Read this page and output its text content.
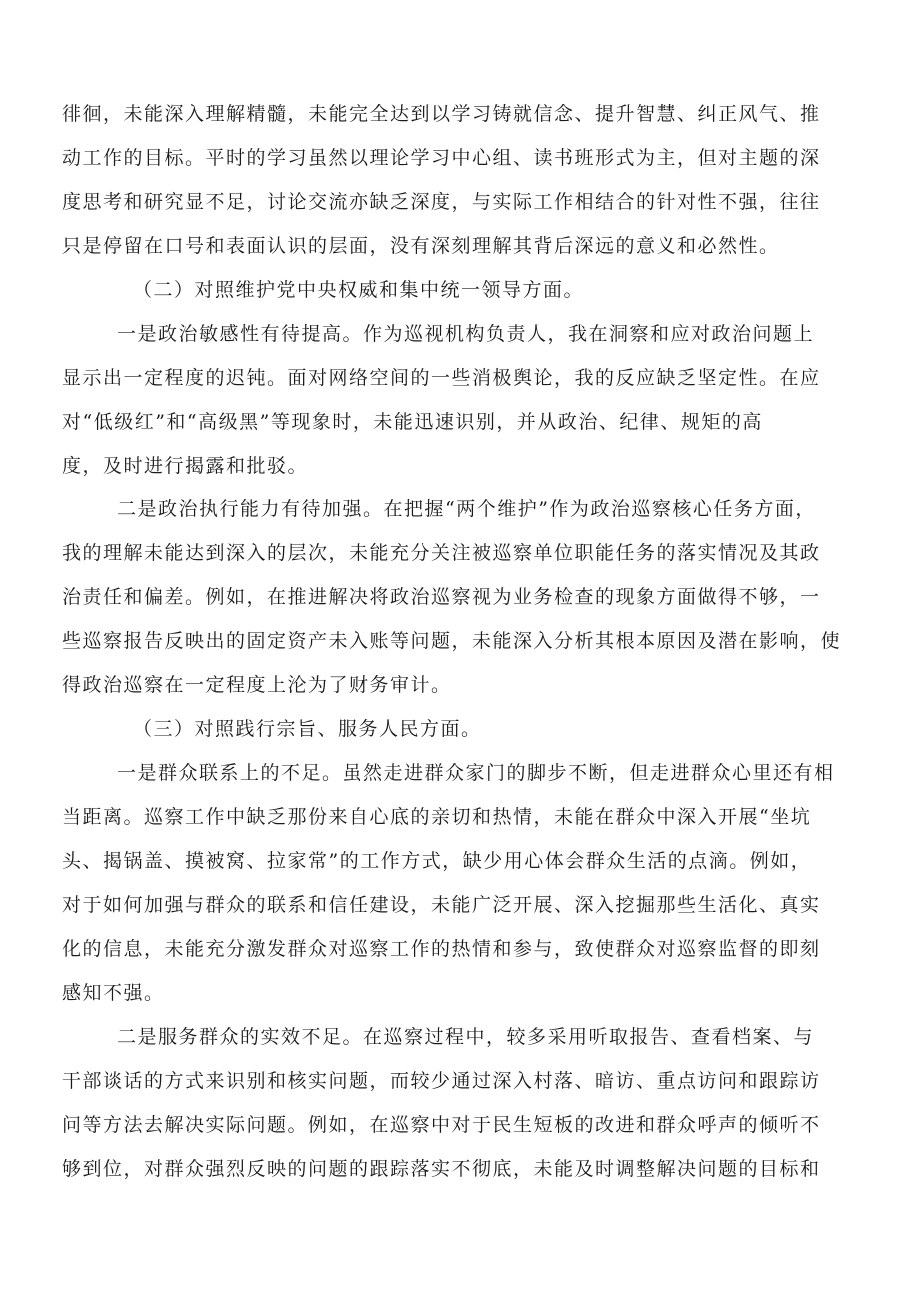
徘徊，未能深入理解精髓，未能完全达到以学习铸就信念、提升智慧、纠正风气、推
动工作的目标。平时的学习虽然以理论学习中心组、读书班形式为主，但对主题的深
度思考和研究显不足，讨论交流亦缺乏深度，与实际工作相结合的针对性不强，往往
只是停留在口号和表面认识的层面，没有深刻理解其背后深远的意义和必然性。
（二）对照维护党中央权威和集中统一领导方面。
一是政治敏感性有待提高。作为巡视机构负责人，我在洞察和应对政治问题上
显示出一定程度的迟钝。面对网络空间的一些消极舆论，我的反应缺乏坚定性。在应
对“低级红”和“高级黑”等现象时，未能迅速识别，并从政治、纪律、规矩的高
度，及时进行揭露和批驳。
二是政治执行能力有待加强。在把握“两个维护”作为政治巡察核心任务方面，
我的理解未能达到深入的层次，未能充分关注被巡察单位职能任务的落实情况及其政
治责任和偏差。例如，在推进解决将政治巡察视为业务检查的现象方面做得不够，一
些巡察报告反映出的固定资产未入账等问题，未能深入分析其根本原因及潜在影响，使
得政治巡察在一定程度上沦为了财务审计。
（三）对照践行宗旨、服务人民方面。
一是群众联系上的不足。虽然走进群众家门的脚步不断，但走进群众心里还有相
当距离。巡察工作中缺乏那份来自心底的亲切和热情，未能在群众中深入开展“坐坑
头、揭锅盖、摸被窝、拉家常”的工作方式，缺少用心体会群众生活的点滴。例如，
对于如何加强与群众的联系和信任建设，未能广泛开展、深入挖掘那些生活化、真实
化的信息，未能充分激发群众对巡察工作的热情和参与，致使群众对巡察监督的即刻
感知不强。
二是服务群众的实效不足。在巡察过程中，较多采用听取报告、查看档案、与
干部谈话的方式来识别和核实问题，而较少通过深入村落、暗访、重点访问和跟踪访
问等方法去解决实际问题。例如，在巡察中对于民生短板的改进和群众呼声的倾听不
够到位，对群众强烈反映的问题的跟踪落实不彻底，未能及时调整解决问题的目标和
